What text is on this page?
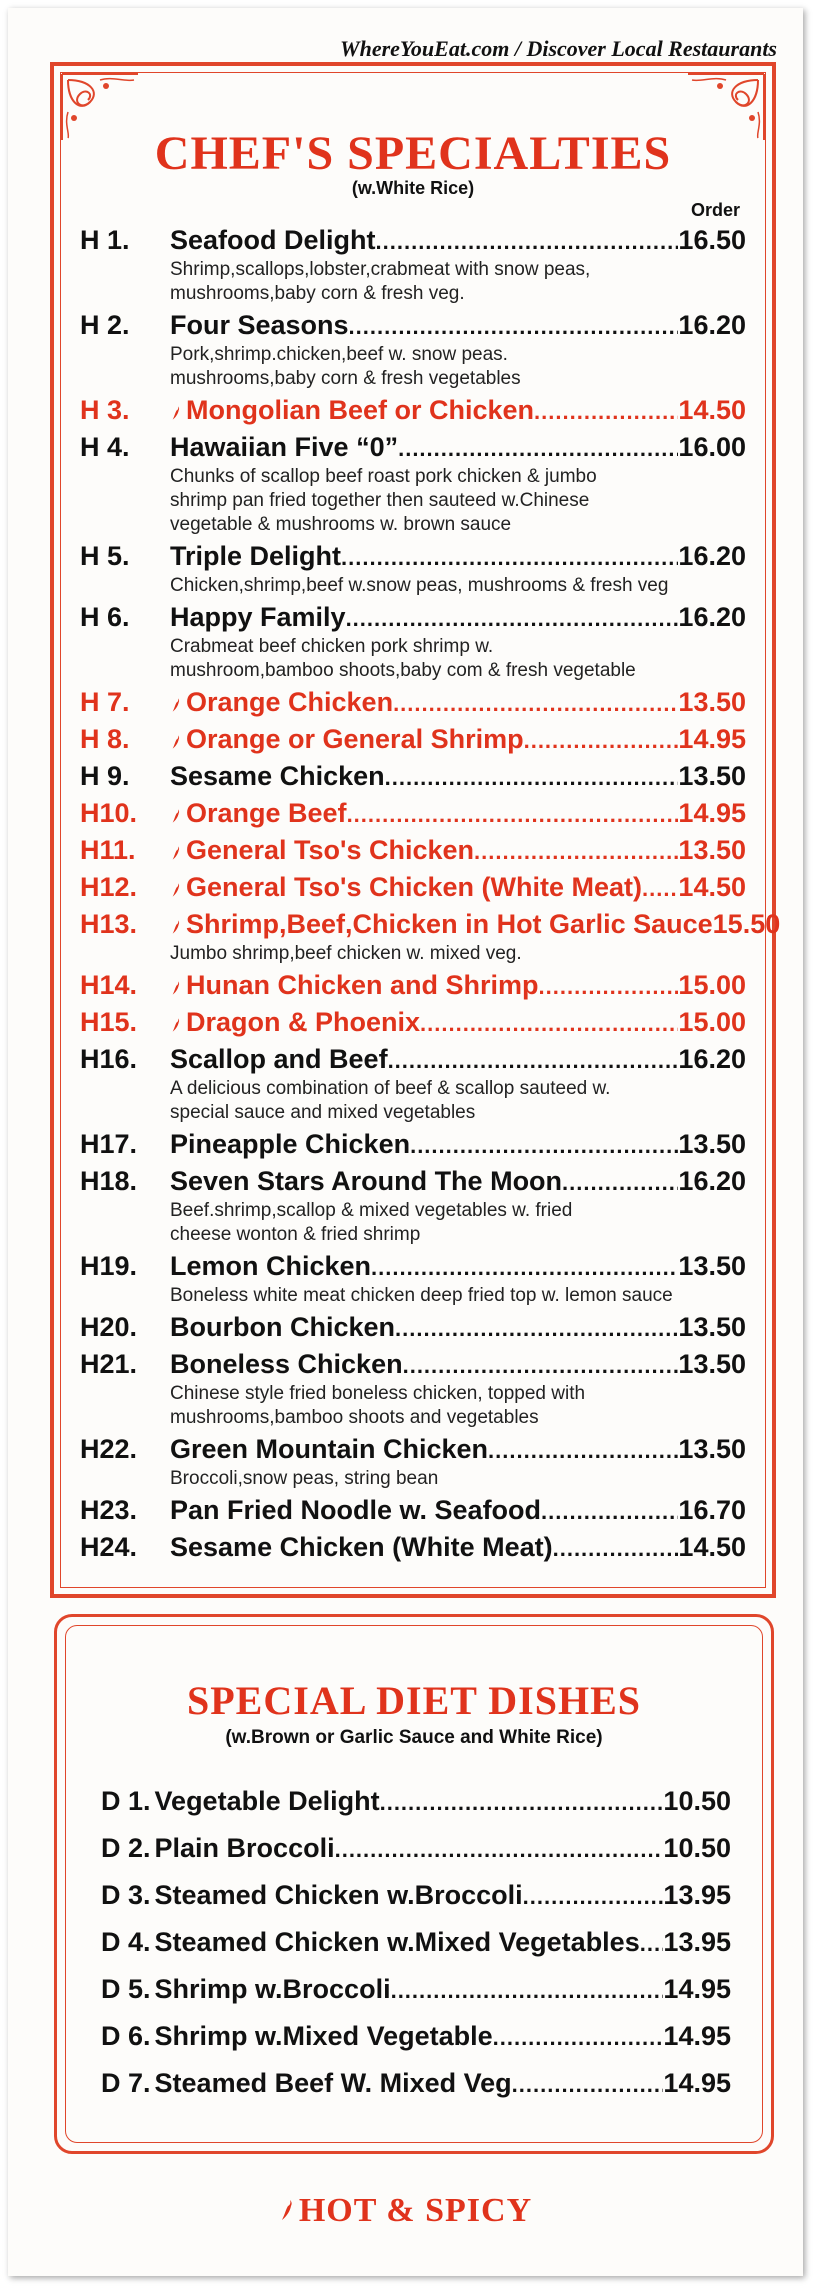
WhereYouEat.com / Discover Local Restaurants
CHEF'S SPECIALTIES
(w.White Rice)
Order
H 1.	Seafood Delight .....	16.50
Shrimp,scallops,lobster,crabmeat with snow peas,
mushrooms,baby corn & fresh veg.
H 2.	Four Seasons .....	16.20
Pork,shrimp.chicken,beef w. snow peas.
mushrooms,baby corn & fresh vegetables
H 3.	Mongolian Beef or Chicken .....	14.50
H 4.	Hawaiian Five “0” .....	16.00
Chunks of scallop beef roast pork chicken & jumbo
shrimp pan fried together then sauteed w.Chinese
vegetable & mushrooms w. brown sauce
H 5.	Triple Delight .....	16.20
Chicken,shrimp,beef w.snow peas, mushrooms & fresh veg
H 6.	Happy Family .....	16.20
Crabmeat beef chicken pork shrimp w.
mushroom,bamboo shoots,baby com & fresh vegetable
H 7.	Orange Chicken .....	13.50
H 8.	Orange or General Shrimp .....	14.95
H 9.	Sesame Chicken .....	13.50
H10.	Orange Beef .....	14.95
H11.	General Tso's Chicken .....	13.50
H12.	General Tso's Chicken (White Meat) ..... 14.50
H13.	Shrimp,Beef,Chicken in Hot Garlic Sauce 15.50
Jumbo shrimp,beef chicken w. mixed veg.
H14.	Hunan Chicken and Shrimp .....	15.00
H15.	Dragon & Phoenix .....	15.00
H16.	Scallop and Beef .....	16.20
A delicious combination of beef & scallop sauteed w.
special sauce and mixed vegetables
H17.	Pineapple Chicken .....	13.50
H18.	Seven Stars Around The Moon .....	16.20
Beef.shrimp,scallop & mixed vegetables w. fried
cheese wonton & fried shrimp
H19.	Lemon Chicken .....	13.50
Boneless white meat chicken deep fried top w. lemon sauce
H20.	Bourbon Chicken .....	13.50
H21.	Boneless Chicken .....	13.50
Chinese style fried boneless chicken, topped with
mushrooms,bamboo shoots and vegetables
H22.	Green Mountain Chicken .....	13.50
Broccoli,snow peas, string bean
H23.	Pan Fried Noodle w. Seafood .....	16.70
H24.	Sesame Chicken (White Meat) .....	14.50
SPECIAL DIET DISHES
(w.Brown or Garlic Sauce and White Rice)
D 1. Vegetable Delight .....	10.50
D 2. Plain Broccoli .....	10.50
D 3. Steamed Chicken w.Broccoli .....	13.95
D 4. Steamed Chicken w.Mixed Vegetables ..... 13.95
D 5. Shrimp w.Broccoli .....	14.95
D 6. Shrimp w.Mixed Vegetable .....	14.95
D 7. Steamed Beef W. Mixed Veg .....	14.95
HOT & SPICY
